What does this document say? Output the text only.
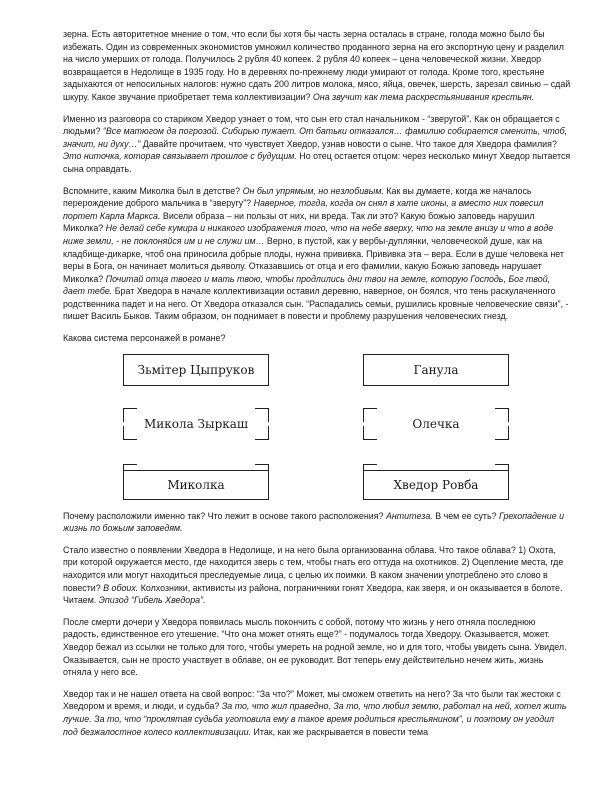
зерна. Есть авторитетное мнение о том, что если бы хотя бы часть зерна осталась в стране, голода можно было бы избежать. Один из современных экономистов умножил количество проданного зерна на его экспортную цену и разделил на число умерших от голода. Получилось 2 рубля 40 копеек. 2 рубля 40 копеек – цена человеческой жизни. Хведор возвращается в Недолище в 1935 году. Но в деревнях по-прежнему люди умирают от голода. Кроме того, крестьяне задыхаются от непосильных налогов: нужно сдать 200 литров молока, мясо, яйца, овечек, шерсть, зарезал свинью – сдай шкуру. Какое звучание приобретает тема коллективизации? Она звучит как тема раскрестьянивания крестьян.

Именно из разговора со стариком Хведор узнает о том, что сын его стал начальником - “зверугой”. Как он обращается с людьми? “Все матюгом да погрозой. Сибирью пужает. От батьки отказался… фамилию собирается сменить, чтоб, значит, ни духу…” Давайте прочитаем, что чувствует Хведор, узнав новости о сыне. Что такое для Хведора фамилия? Это ниточка, которая связывает прошлое с будущим. Но отец остается отцом: через несколько минут Хведор пытается сына оправдать.

Вспомните, каким Миколка был в детстве? Он был упрямым, но незлобивым. Как вы думаете, когда же началось перерождение доброго мальчика в “зверугу”? Наверное, тогда, когда он снял в хате иконы, а вместо них повесил портет Карла Маркса. Висели образа – ни пользы от них, ни вреда. Так ли это? Какую божью заповедь нарушил Миколка? Не делай себе кумира и никакого изображения того, что на небе вверху, что на земле внизу и что в воде ниже земли, - не поклоняйся им и не служи им… Верно, в пустой, как у вербы-дуплянки, человеческой душе, как на кладбище-дикарке, чтоб она приносила добрые плоды, нужна прививка. Прививка эта – вера. Если в душе человека нет веры в Бога, он начинает молиться дьяволу. Отказавшись от отца и его фамилии, какую Божью заповедь нарушает Миколка? Почитай отца твоего и мать твою, чтобы продлились дни твои на земле, которую Господь, Бог твой, дает тебе. Брат Хведора в начале коллективизации оставил деревню, наверное, он боялся, что тень раскулаченного родственника падет и на него. От Хведора отказался сын. “Распадались семьи, рушились кровные человеческие связи”, - пишет Василь Быков. Таким образом, он поднимает в повести и проблему разрушения человеческих гнезд.

Какова система персонажей в романе?

Зьмітер Цыпруков	Ганула
Микола Зыркаш	Олечка
Миколка	Хведор Ровба

Почему расположили именно так? Что лежит в основе такого расположения? Антитеза. В чем ее суть? Грехопадение и жизнь по божьим заповедям.

Стало известно о появлении Хведора в Недолище, и на него была организованна облава. Что такое облава? 1) Охота, при которой окружается место, где находится зверь с тем, чтобы гнать его оттуда на охотников. 2) Оцепление места, где находится или могут находиться преследуемые лица, с целью их поимки. В каком значении употреблено это слово в повести? В обоих. Колхозники, активисты из района, пограничники гонят Хведора, как зверя, и он оказывается в болоте. Читаем. Эпизод “Гибель Хведора”.

После смерти дочери у Хведора появилась мысль покончить с собой, потому что жизнь у него отняла последнюю радость, единственное его утешение. “Что она может отнять еще?” - подумалось тогда Хведору. Оказывается, может. Хведор бежал из ссылки не только для того, чтобы умереть на родной земле, но и для того, чтобы увидеть сына. Увидел. Оказывается, сын не просто участвует в облаве, он ее руководит. Вот теперь ему действительно нечем жить, жизнь отняла у него все.

Хведор так и не нашел ответа на свой вопрос: “За что?” Может, мы сможем ответить на него? За что были так жестоки с Хведором и время, и люди, и судьба? За то, что жил праведно, За то, что любил землю, работал на ней, хотел жить лучше. За то, что “проклятая судьба уготовила ему в такое время родиться крестьянином”, и поэтому он угодил под безжалостное колесо коллективизации. Итак, как же раскрывается в повести тема
